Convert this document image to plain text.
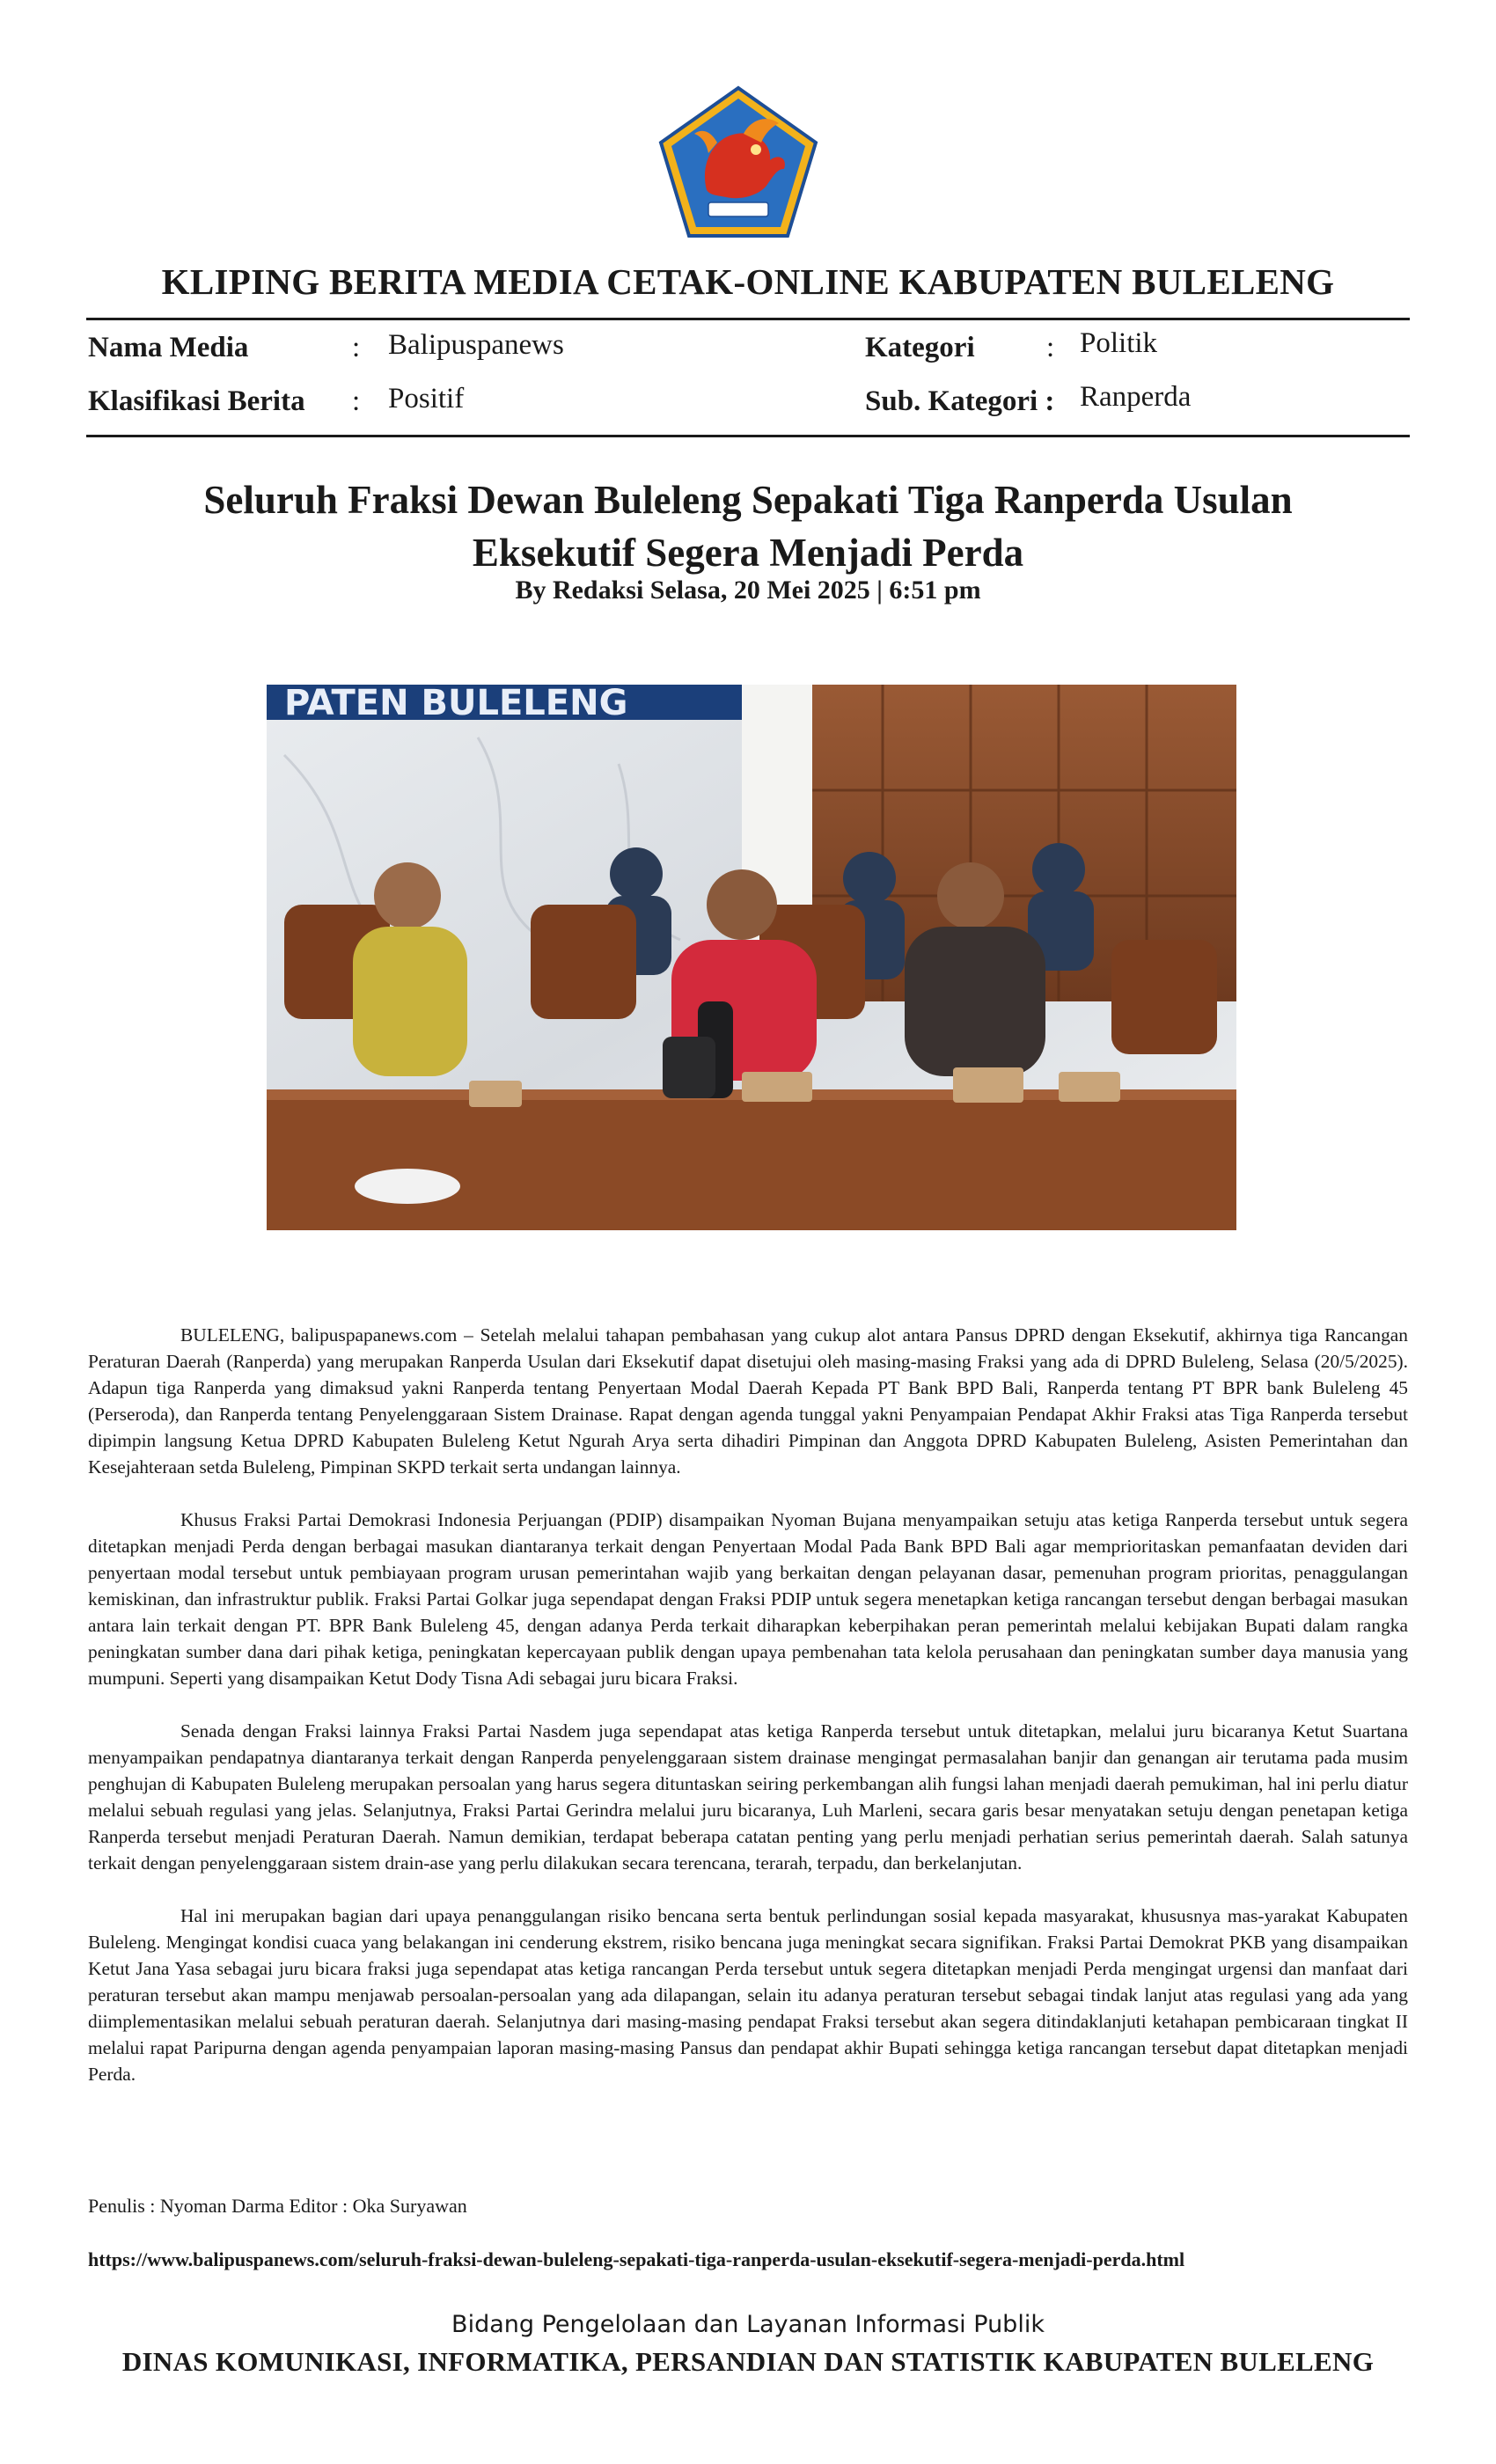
KLIPING BERITA MEDIA CETAK-ONLINE KABUPATEN BULELENG
Nama Media	: Balipuspanews
Klasifikasi Berita : Positif
Kategori : Politik
Sub. Kategori : Ranperda
Seluruh Fraksi Dewan Buleleng Sepakati Tiga Ranperda Usulan
Eksekutif Segera Menjadi Perda
By Redaksi Selasa, 20 Mei 2025 | 6:51 pm
PATEN BULELENG

BULELENG, balipuspapanews.com – Setelah melalui tahapan pembahasan yang cukup alot antara Pansus DPRD dengan Eksekutif, akhirnya tiga Rancangan Peraturan Daerah (Ranperda) yang merupakan Ranperda Usulan dari Eksekutif dapat disetujui oleh masing-masing Fraksi yang ada di DPRD Buleleng, Selasa (20/5/2025). Adapun tiga Ranperda yang dimaksud yakni Ranperda tentang Penyertaan Modal Daerah Kepada PT Bank BPD Bali, Ranperda tentang PT BPR bank Buleleng 45 (Perseroda), dan Ranperda tentang Penyelenggaraan Sistem Drainase. Rapat dengan agenda tunggal yakni Penyampaian Pendapat Akhir Fraksi atas Tiga Ranperda tersebut dipimpin langsung Ketua DPRD Kabupaten Buleleng Ketut Ngurah Arya serta dihadiri Pimpinan dan Anggota DPRD Kabupaten Buleleng, Asisten Pemerintahan dan Kesejahteraan setda Buleleng, Pimpinan SKPD terkait serta undangan lainnya.

Khusus Fraksi Partai Demokrasi Indonesia Perjuangan (PDIP) disampaikan Nyoman Bujana menyampaikan setuju atas ketiga Ranperda tersebut untuk segera ditetapkan menjadi Perda dengan berbagai masukan diantaranya terkait dengan Penyertaan Modal Pada Bank BPD Bali agar memprioritaskan pemanfaatan deviden dari penyertaan modal tersebut untuk pembiayaan program urusan pemerintahan wajib yang berkaitan dengan pelayanan dasar, pemenuhan program prioritas, penaggulangan kemiskinan, dan infrastruktur publik. Fraksi Partai Golkar juga sependapat dengan Fraksi PDIP untuk segera menetapkan ketiga rancangan tersebut dengan berbagai masukan antara lain terkait dengan PT. BPR Bank Buleleng 45, dengan adanya Perda terkait diharapkan keberpihakan peran pemerintah melalui kebijakan Bupati dalam rangka peningkatan sumber dana dari pihak ketiga, peningkatan kepercayaan publik dengan upaya pembenahan tata kelola perusahaan dan peningkatan sumber daya manusia yang mumpuni. Seperti yang disampaikan Ketut Dody Tisna Adi sebagai juru bicara Fraksi.

Senada dengan Fraksi lainnya Fraksi Partai Nasdem juga sependapat atas ketiga Ranperda tersebut untuk ditetapkan, melalui juru bicaranya Ketut Suartana menyampaikan pendapatnya diantaranya terkait dengan Ranperda penyelenggaraan sistem drainase mengingat permasalahan banjir dan genangan air terutama pada musim penghujan di Kabupaten Buleleng merupakan persoalan yang harus segera dituntaskan seiring perkembangan alih fungsi lahan menjadi daerah pemukiman, hal ini perlu diatur melalui sebuah regulasi yang jelas. Selanjutnya, Fraksi Partai Gerindra melalui juru bicaranya, Luh Marleni, secara garis besar menyatakan setuju dengan penetapan ketiga Ranperda tersebut menjadi Peraturan Daerah. Namun demikian, terdapat beberapa catatan penting yang perlu menjadi perhatian serius pemerintah daerah. Salah satunya terkait dengan penyelenggaraan sistem drain-ase yang perlu dilakukan secara terencana, terarah, terpadu, dan berkelanjutan.

Hal ini merupakan bagian dari upaya penanggulangan risiko bencana serta bentuk perlindungan sosial kepada masyarakat, khususnya mas-yarakat Kabupaten Buleleng. Mengingat kondisi cuaca yang belakangan ini cenderung ekstrem, risiko bencana juga meningkat secara signifikan. Fraksi Partai Demokrat PKB yang disampaikan Ketut Jana Yasa sebagai juru bicara fraksi juga sependapat atas ketiga rancangan Perda tersebut untuk segera ditetapkan menjadi Perda mengingat urgensi dan manfaat dari peraturan tersebut akan mampu menjawab persoalan-persoalan yang ada dilapangan, selain itu adanya peraturan tersebut sebagai tindak lanjut atas regulasi yang ada yang diimplementasikan melalui sebuah peraturan daerah. Selanjutnya dari masing-masing pendapat Fraksi tersebut akan segera ditindaklanjuti ketahapan pembicaraan tingkat II melalui rapat Paripurna dengan agenda penyampaian laporan masing-masing Pansus dan pendapat akhir Bupati sehingga ketiga rancangan tersebut dapat ditetapkan menjadi Perda.

Penulis : Nyoman Darma Editor : Oka Suryawan
https://www.balipuspanews.com/seluruh-fraksi-dewan-buleleng-sepakati-tiga-ranperda-usulan-eksekutif-segera-menjadi-perda.html
Bidang Pengelolaan dan Layanan Informasi Publik
DINAS KOMUNIKASI, INFORMATIKA, PERSANDIAN DAN STATISTIK KABUPATEN BULELENG
